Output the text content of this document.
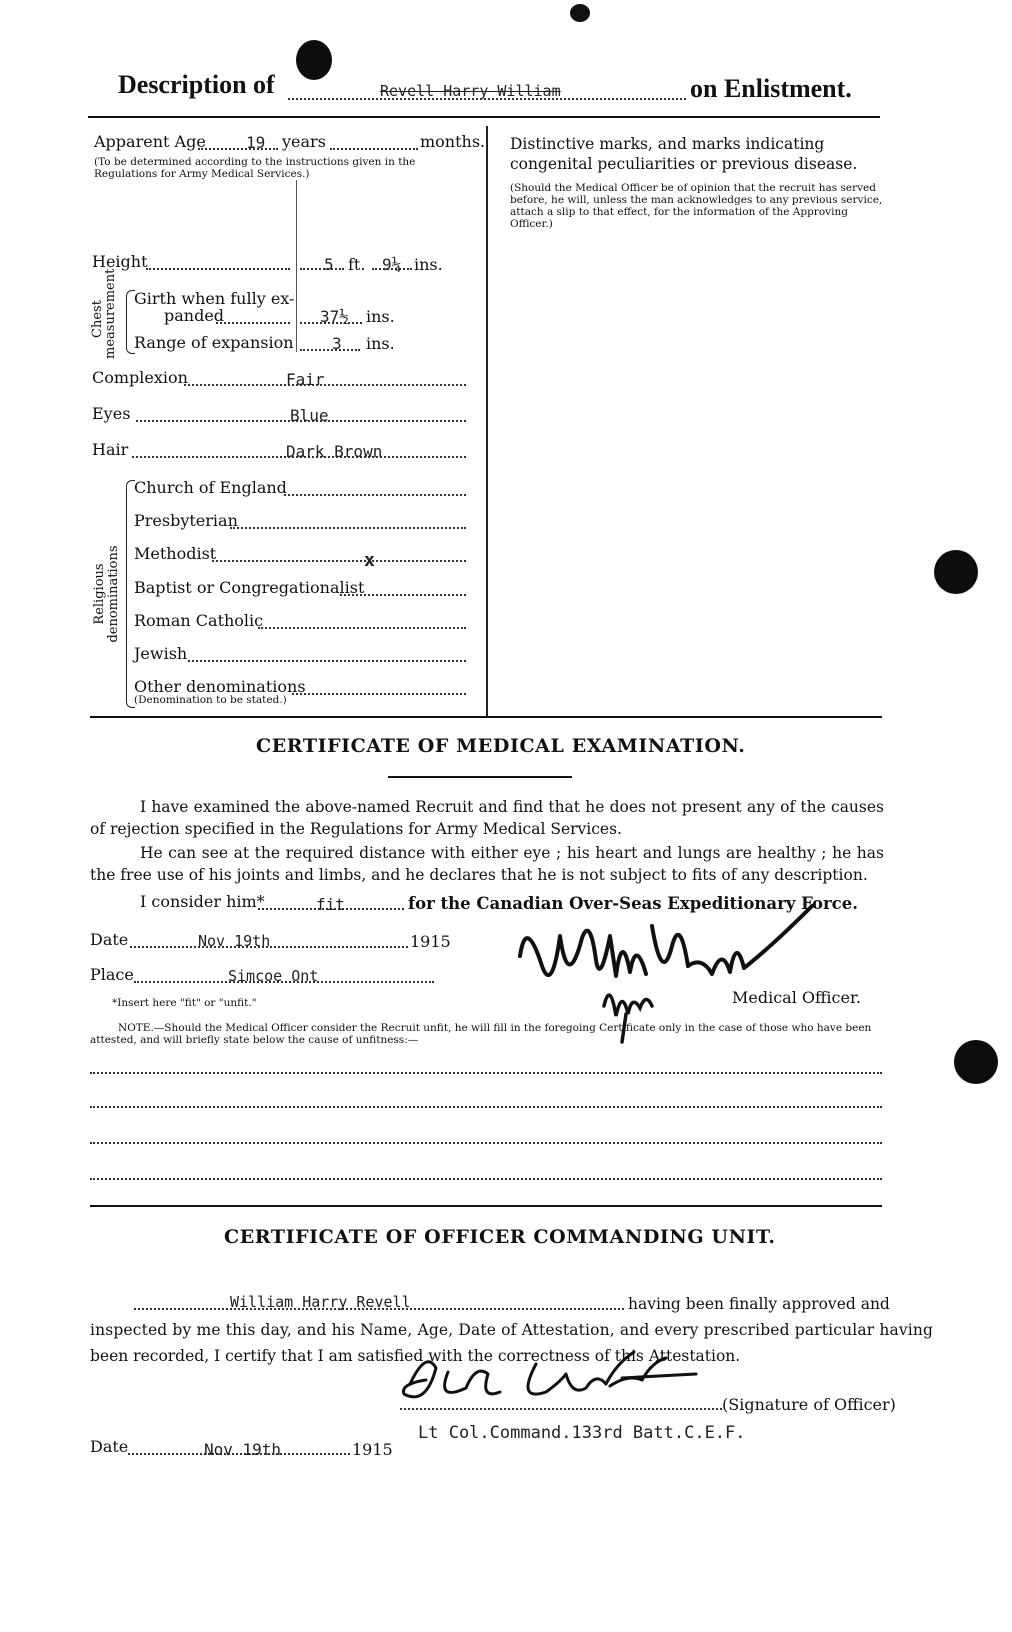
Description of	Revell Harry William	on Enlistment.
Apparent Age	19 years	months.
(To be determined according to the instructions given in the Regulations for Army Medical Services.)
Height	5 ft. 9¼ ins.
Chest measurement Girth when fully ex-
panded	37½ ins.
Range of expansion 3 ins.
Complexion	Fair
Eyes	Blue
Hair	Dark Brown
Religious denominations
Church of England
Presbyterian
Methodist	x
Baptist or Congregationalist
Roman Catholic
Jewish
Other denominations
(Denomination to be stated.)
Distinctive marks, and marks indicating congenital peculiarities or previous disease.
(Should the Medical Officer be of opinion that the recruit has served before, he will, unless the man acknowledges to any previous service, attach a slip to that effect, for the information of the Approving Officer.)
CERTIFICATE OF MEDICAL EXAMINATION.
I have examined the above-named Recruit and find that he does not present any of the causes of rejection specified in the Regulations for Army Medical Services.
He can see at the required distance with either eye ; his heart and lungs are healthy ; he has the free use of his joints and limbs, and he declares that he is not subject to fits of any description.
I consider him*	fit	for the Canadian Over-Seas Expeditionary Force.
Date	Nov 19th	1915
Place	Simcoe Ont
Medical Officer.
*Insert here "fit" or "unfit."
NOTE.—Should the Medical Officer consider the Recruit unfit, he will fill in the foregoing Certificate only in the case of those who have been attested, and will briefly state below the cause of unfitness:—
CERTIFICATE OF OFFICER COMMANDING UNIT.
William Harry Revell	having been finally approved and
inspected by me this day, and his Name, Age, Date of Attestation, and every prescribed particular having
been recorded, I certify that I am satisfied with the correctness of this Attestation.
(Signature of Officer)
Lt Col.Command.133rd Batt.C.E.F.
Date	Nov 19th	1915
